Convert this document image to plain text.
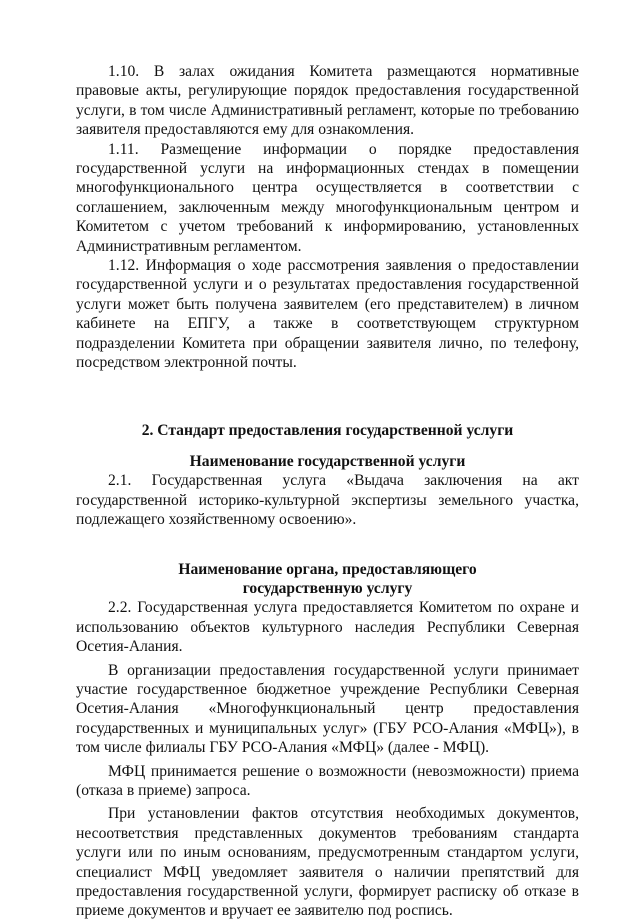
1.10. В залах ожидания Комитета размещаются нормативные правовые акты, регулирующие порядок предоставления государственной услуги, в том числе Административный регламент, которые по требованию заявителя предоставляются ему для ознакомления.

1.11. Размещение информации о порядке предоставления государственной услуги на информационных стендах в помещении многофункционального центра осуществляется в соответствии с соглашением, заключенным между многофункциональным центром и Комитетом с учетом требований к информированию, установленных Административным регламентом.

1.12. Информация о ходе рассмотрения заявления о предоставлении государственной услуги и о результатах предоставления государственной услуги может быть получена заявителем (его представителем) в личном кабинете на ЕПГУ, а также в соответствующем структурном подразделении Комитета при обращении заявителя лично, по телефону, посредством электронной почты.

2. Стандарт предоставления государственной услуги
Наименование государственной услуги

2.1. Государственная услуга «Выдача заключения на акт государственной историко-культурной экспертизы земельного участка, подлежащего хозяйственному освоению».

Наименование органа, предоставляющего
государственную услугу

2.2. Государственная услуга предоставляется Комитетом по охране и использованию объектов культурного наследия Республики Северная Осетия-Алания.

В организации предоставления государственной услуги принимает участие государственное бюджетное учреждение Республики Северная Осетия-Алания «Многофункциональный центр предоставления государственных и муниципальных услуг» (ГБУ РСО-Алания «МФЦ»), в том числе филиалы ГБУ РСО-Алания «МФЦ» (далее - МФЦ).

МФЦ принимается решение о возможности (невозможности) приема (отказа в приеме) запроса.

При установлении фактов отсутствия необходимых документов, несоответствия представленных документов требованиям стандарта услуги или по иным основаниям, предусмотренным стандартом услуги, специалист МФЦ уведомляет заявителя о наличии препятствий для предоставления государственной услуги, формирует расписку об отказе в приеме документов и вручает ее заявителю под роспись.
